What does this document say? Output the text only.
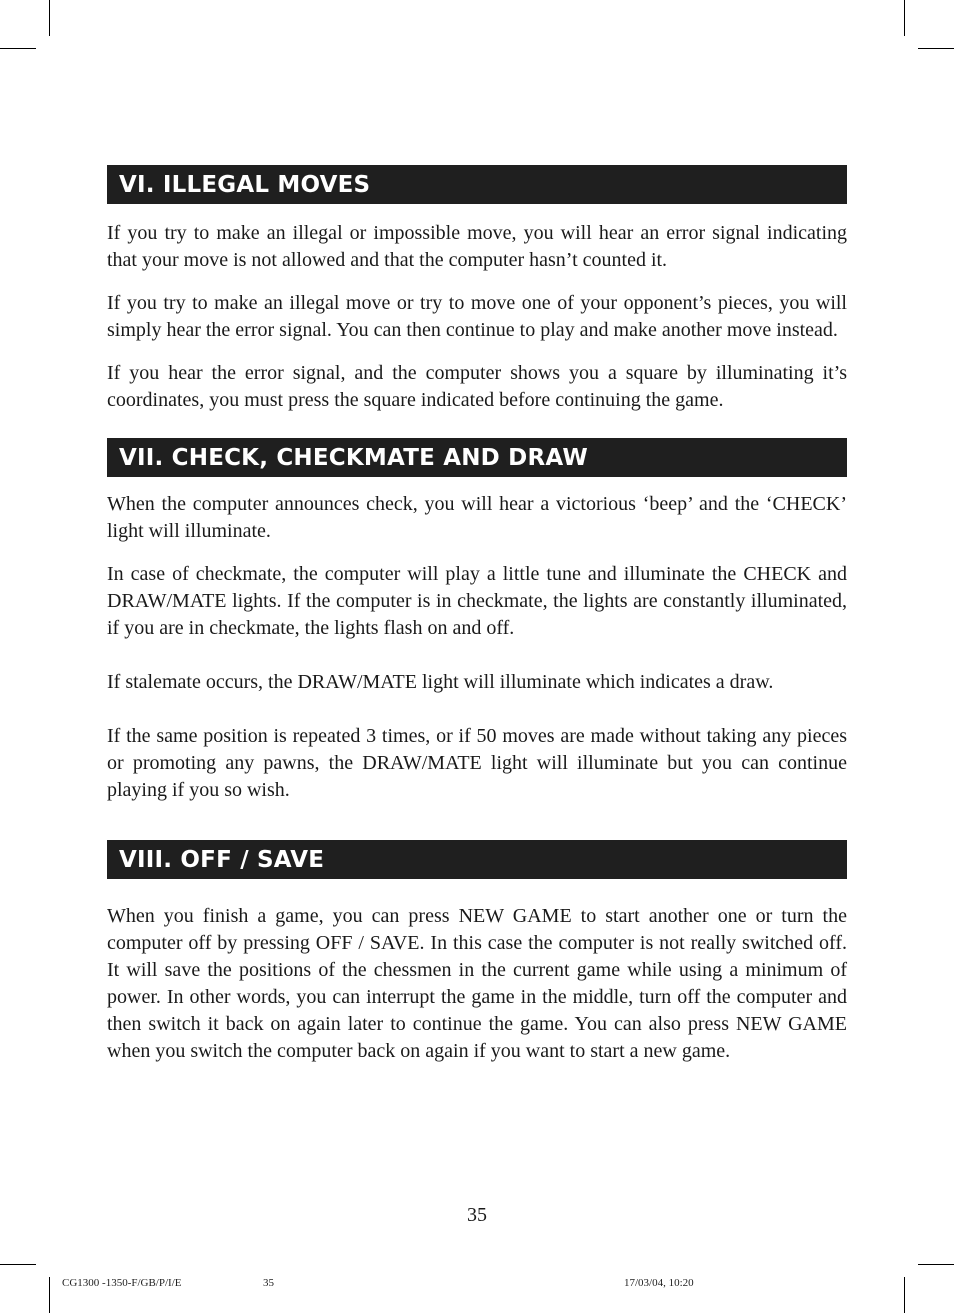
VI. ILLEGAL MOVES

If you try to make an illegal or impossible move, you will hear an error signal indicating that your move is not allowed and that the computer hasn’t counted it.

If you try to make an illegal move or try to move one of your opponent’s pieces, you will simply hear the error signal. You can then continue to play and make another move instead.

If you hear the error signal, and the computer shows you a square by illuminating it’s coordinates, you must press the square indicated before continuing the game.

VII. CHECK, CHECKMATE AND DRAW

When the computer announces check, you will hear a victorious ‘beep’ and the ‘CHECK’ light will illuminate.

In case of checkmate, the computer will play a little tune and illuminate the CHECK and DRAW/MATE lights. If the computer is in checkmate, the lights are constantly illuminated, if you are in checkmate, the lights flash on and off.

If stalemate occurs, the DRAW/MATE light will illuminate which indicates a draw.

If the same position is repeated 3 times, or if 50 moves are made without taking any pieces or promoting any pawns, the DRAW/MATE light will illuminate but you can continue playing if you so wish.

VIII. OFF / SAVE

When you finish a game, you can press NEW GAME to start another one or turn the computer off by pressing OFF / SAVE. In this case the computer is not really switched off. It will save the positions of the chessmen in the current game while using a minimum of power. In other words, you can interrupt the game in the middle, turn off the computer and then switch it back on again later to continue the game. You can also press NEW GAME when you switch the computer back on again if you want to start a new game.

35
CG1300 -1350-F/GB/P/I/E	35	17/03/04, 10:20
